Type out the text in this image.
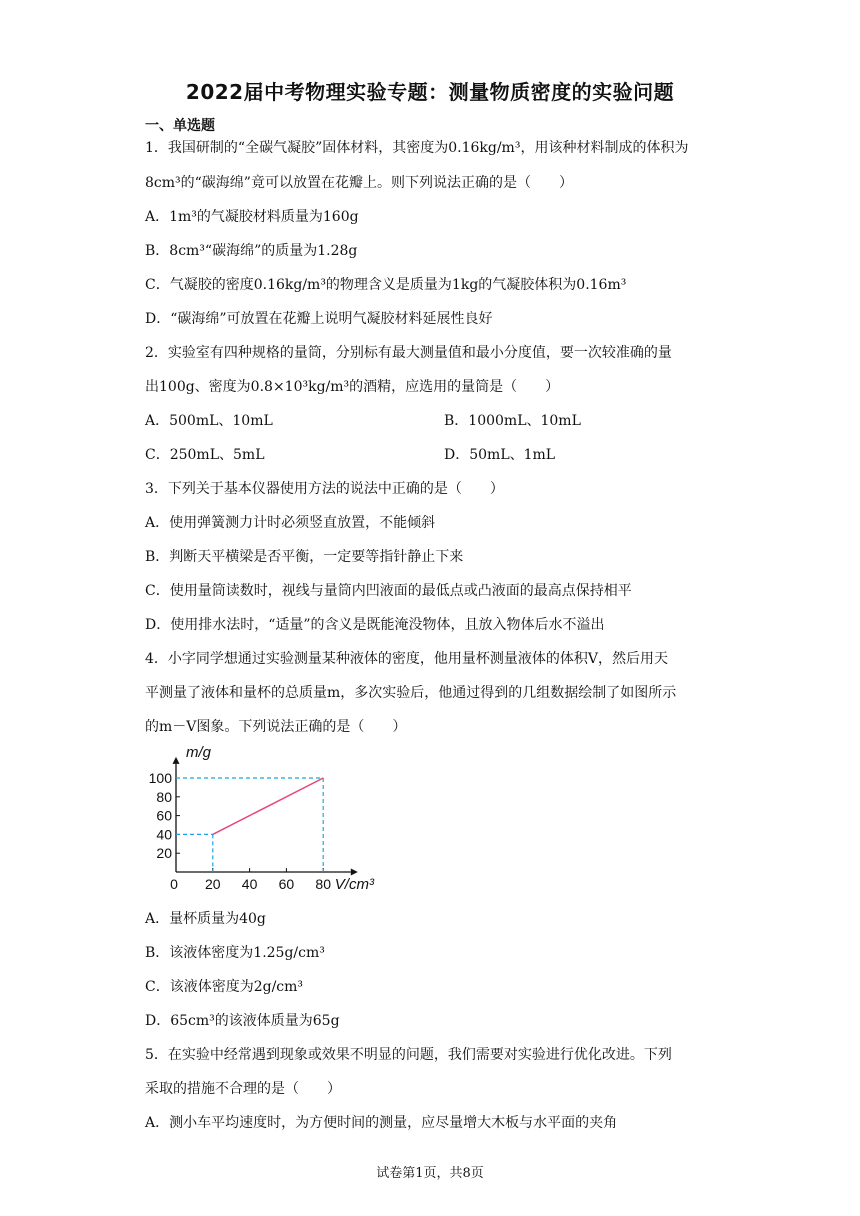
2022届中考物理实验专题：测量物质密度的实验问题
一、单选题
1．我国研制的“全碳气凝胶”固体材料，其密度为0.16kg/m³，用该种材料制成的体积为
8cm³的“碳海绵”竟可以放置在花瓣上。则下列说法正确的是（　　）
A．1m³的气凝胶材料质量为160g
B．8cm³“碳海绵”的质量为1.28g
C．气凝胶的密度0.16kg/m³的物理含义是质量为1kg的气凝胶体积为0.16m³
D．“碳海绵”可放置在花瓣上说明气凝胶材料延展性良好
2．实验室有四种规格的量筒，分别标有最大测量值和最小分度值，要一次较准确的量
出100g、密度为0.8×10³kg/m³的酒精，应选用的量筒是（　　）
A．500mL、10mL	B．1000mL、10mL
C．250mL、5mL	D．50mL、1mL
3．下列关于基本仪器使用方法的说法中正确的是（　　）
A．使用弹簧测力计时必须竖直放置，不能倾斜
B．判断天平横梁是否平衡，一定要等指针静止下来
C．使用量筒读数时，视线与量筒内凹液面的最低点或凸液面的最高点保持相平
D．使用排水法时，“适量”的含义是既能淹没物体，且放入物体后水不溢出
4．小字同学想通过实验测量某种液体的密度，他用量杯测量液体的体积V，然后用天
平测量了液体和量杯的总质量m，多次实验后，他通过得到的几组数据绘制了如图所示
的m－V图象。下列说法正确的是（　　）
20
40
60
80
100
0 20 40 60 80
m/g
V/cm³
A．量杯质量为40g
B．该液体密度为1.25g/cm³
C．该液体密度为2g/cm³
D．65cm³的该液体质量为65g
5．在实验中经常遇到现象或效果不明显的问题，我们需要对实验进行优化改进。下列
采取的措施不合理的是（　　）
A．测小车平均速度时，为方便时间的测量，应尽量增大木板与水平面的夹角
试卷第1页，共8页
